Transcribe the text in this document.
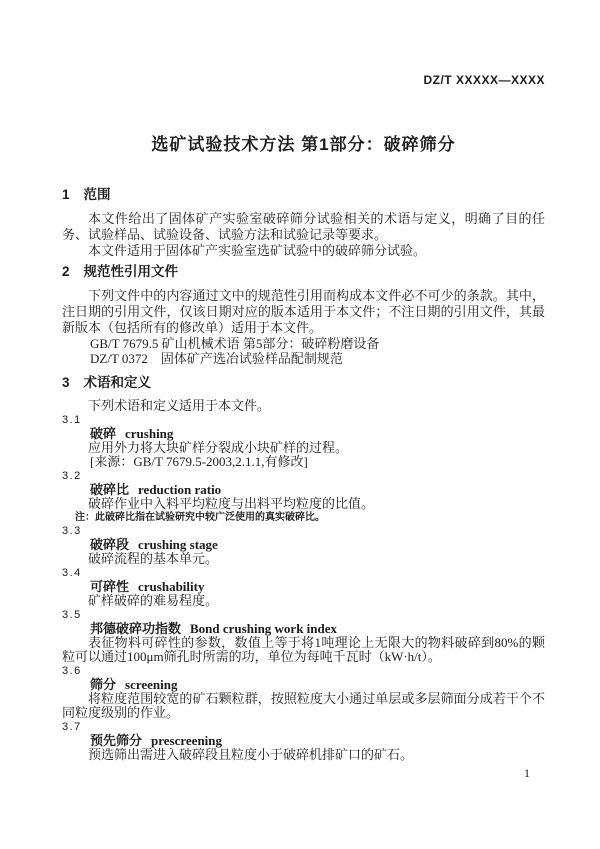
DZ/T XXXXX—XXXX
选矿试验技术方法 第1部分：破碎筛分
1 范围

本文件给出了固体矿产实验室破碎筛分试验相关的术语与定义，明确了目的任务、试验样品、试验设备、试验方法和试验记录等要求。

本文件适用于固体矿产实验室选矿试验中的破碎筛分试验。

2 规范性引用文件

下列文件中的内容通过文中的规范性引用而构成本文件必不可少的条款。其中，注日期的引用文件，仅该日期对应的版本适用于本文件；不注日期的引用文件，其最新版本（包括所有的修改单）适用于本文件。

GB/T 7679.5 矿山机械术语 第5部分：破碎粉磨设备

DZ/T 0372　固体矿产选冶试验样品配制规范

3 术语和定义

下列术语和定义适用于本文件。

3.1
破碎 crushing

应用外力将大块矿样分裂成小块矿样的过程。

[来源：GB/T 7679.5-2003,2.1.1,有修改]

3.2
破碎比 reduction ratio

破碎作业中入料平均粒度与出料平均粒度的比值。

注：此破碎比指在试验研究中较广泛使用的真实破碎比。

3.3
破碎段 crushing stage

破碎流程的基本单元。

3.4
可碎性 crushability

矿样破碎的难易程度。

3.5
邦德破碎功指数 Bond crushing work index

表征物料可碎性的参数，数值上等于将1吨理论上无限大的物料破碎到80%的颗粒可以通过100μm筛孔时所需的功，单位为每吨千瓦时（kW·h/t）。

3.6
筛分 screening

将粒度范围较宽的矿石颗粒群，按照粒度大小通过单层或多层筛面分成若干个不同粒度级别的作业。

3.7
预先筛分 prescreening

预选筛出需进入破碎段且粒度小于破碎机排矿口的矿石。

1
